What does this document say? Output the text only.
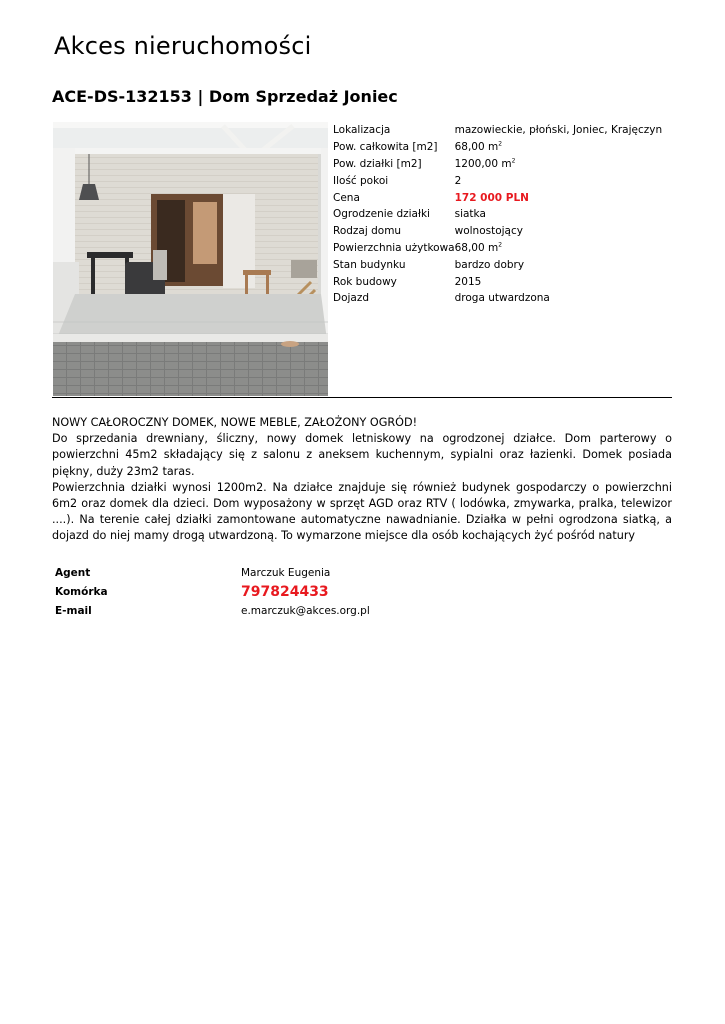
Akces nieruchomości
ACE-DS-132153 | Dom Sprzedaż Joniec
Lokalizacja	mazowieckie, płoński, Joniec, Krajęczyn
Pow. całkowita [m2]	68,00 $m^2$
Pow. działki [m2]	1200,00 $m^2$
Ilość pokoi	2
Cena	172 000 PLN
Ogrodzenie działki	siatka
Rodzaj domu	wolnostojący
Powierzchnia użytkowa	68,00 $m^2$
Stan budynku	bardzo dobry
Rok budowy	2015
Dojazd	droga utwardzona

NOWY CAŁOROCZNY DOMEK, NOWE MEBLE, ZAŁOŻONY OGRÓD!

Do sprzedania drewniany, śliczny, nowy domek letniskowy na ogrodzonej działce. Dom parterowy o powierzchni 45m2 składający się z salonu z aneksem kuchennym, sypialni oraz łazienki. Domek posiada piękny, duży 23m2 taras.

Powierzchnia działki wynosi 1200m2. Na działce znajduje się również budynek gospodarczy o powierzchni 6m2 oraz domek dla dzieci. Dom wyposażony w sprzęt AGD oraz RTV ( lodówka, zmywarka, pralka, telewizor ....). Na terenie całej działki zamontowane automatyczne nawadnianie. Działka w pełni ogrodzona siatką, a dojazd do niej mamy drogą utwardzoną. To wymarzone miejsce dla osób kochających żyć pośród natury

Agent	Marczuk Eugenia
Komórka	797824433
E-mail	e.marczuk@akces.org.pl
